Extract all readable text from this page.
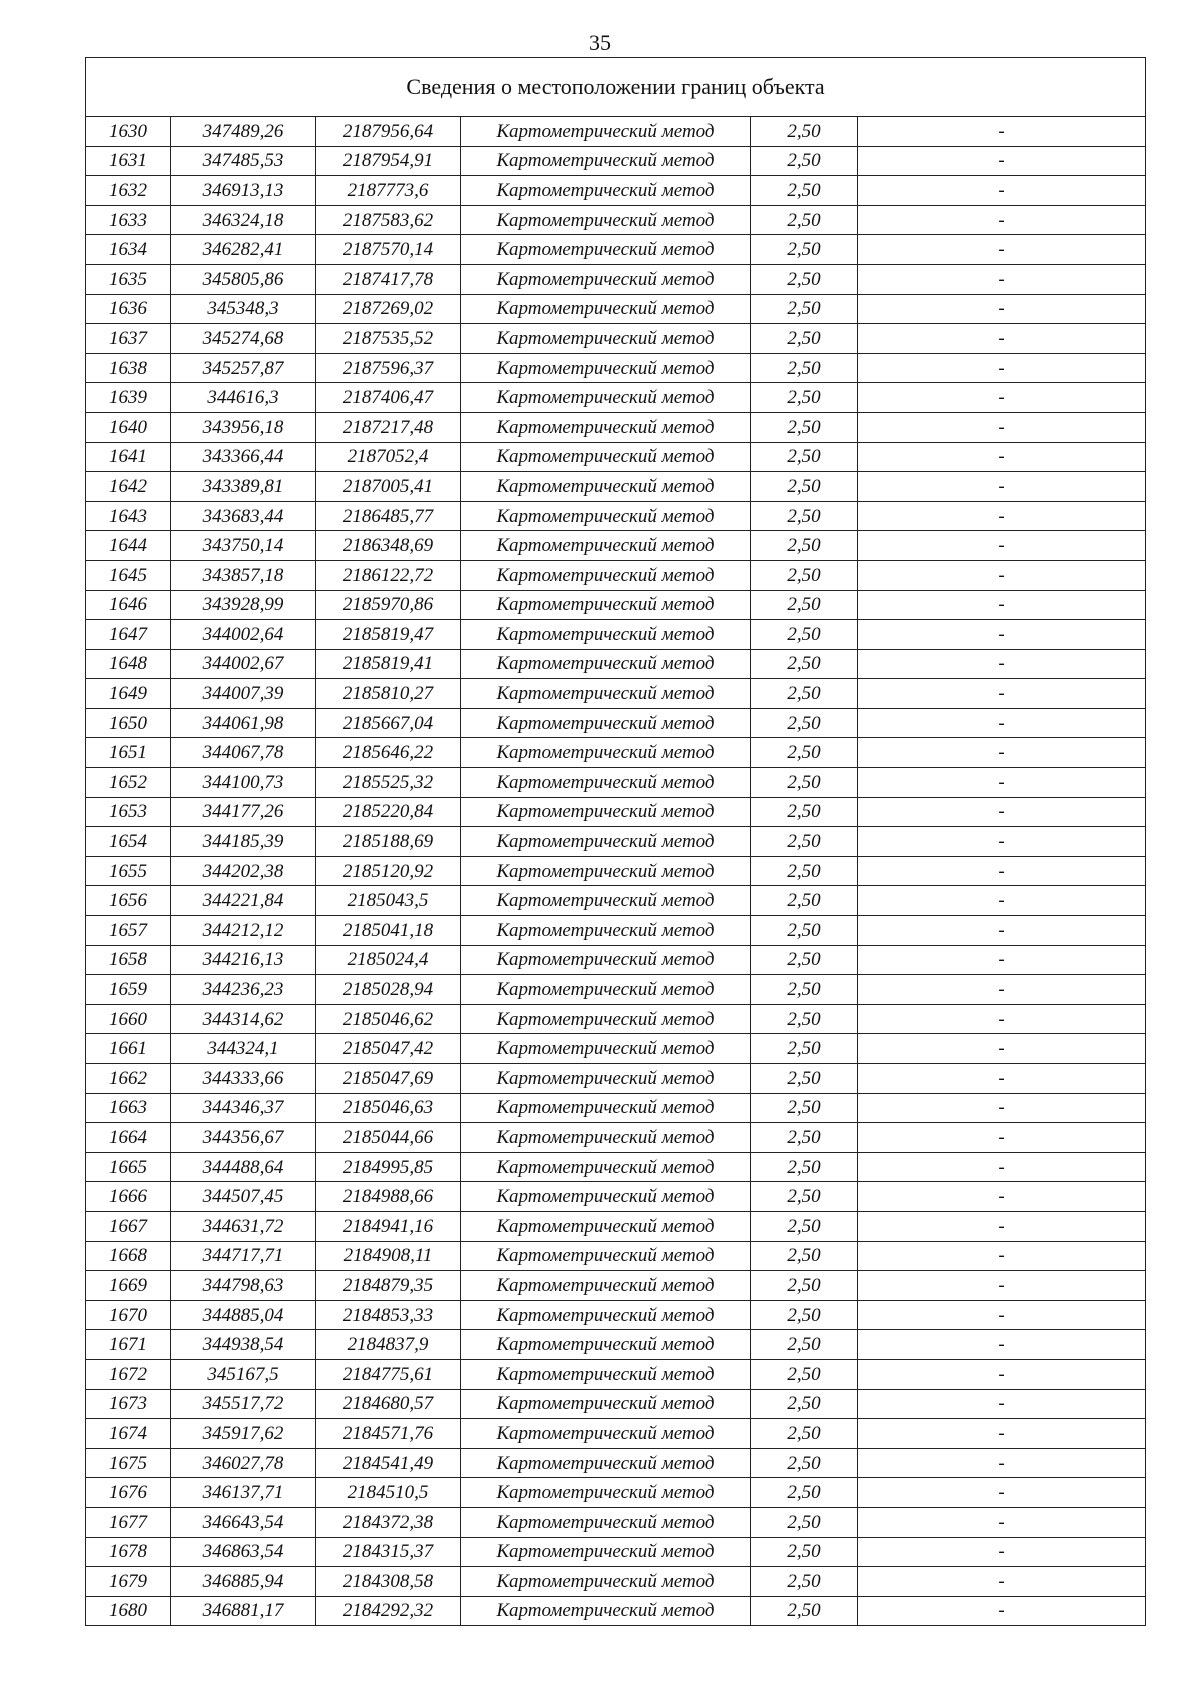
35
Сведения о местоположении границ объекта					
1630	347489,26	2187956,64	Картометрический метод	2,50	-
1631	347485,53	2187954,91	Картометрический метод	2,50	-
1632	346913,13	2187773,6	Картометрический метод	2,50	-
1633	346324,18	2187583,62	Картометрический метод	2,50	-
1634	346282,41	2187570,14	Картометрический метод	2,50	-
1635	345805,86	2187417,78	Картометрический метод	2,50	-
1636	345348,3	2187269,02	Картометрический метод	2,50	-
1637	345274,68	2187535,52	Картометрический метод	2,50	-
1638	345257,87	2187596,37	Картометрический метод	2,50	-
1639	344616,3	2187406,47	Картометрический метод	2,50	-
1640	343956,18	2187217,48	Картометрический метод	2,50	-
1641	343366,44	2187052,4	Картометрический метод	2,50	-
1642	343389,81	2187005,41	Картометрический метод	2,50	-
1643	343683,44	2186485,77	Картометрический метод	2,50	-
1644	343750,14	2186348,69	Картометрический метод	2,50	-
1645	343857,18	2186122,72	Картометрический метод	2,50	-
1646	343928,99	2185970,86	Картометрический метод	2,50	-
1647	344002,64	2185819,47	Картометрический метод	2,50	-
1648	344002,67	2185819,41	Картометрический метод	2,50	-
1649	344007,39	2185810,27	Картометрический метод	2,50	-
1650	344061,98	2185667,04	Картометрический метод	2,50	-
1651	344067,78	2185646,22	Картометрический метод	2,50	-
1652	344100,73	2185525,32	Картометрический метод	2,50	-
1653	344177,26	2185220,84	Картометрический метод	2,50	-
1654	344185,39	2185188,69	Картометрический метод	2,50	-
1655	344202,38	2185120,92	Картометрический метод	2,50	-
1656	344221,84	2185043,5	Картометрический метод	2,50	-
1657	344212,12	2185041,18	Картометрический метод	2,50	-
1658	344216,13	2185024,4	Картометрический метод	2,50	-
1659	344236,23	2185028,94	Картометрический метод	2,50	-
1660	344314,62	2185046,62	Картометрический метод	2,50	-
1661	344324,1	2185047,42	Картометрический метод	2,50	-
1662	344333,66	2185047,69	Картометрический метод	2,50	-
1663	344346,37	2185046,63	Картометрический метод	2,50	-
1664	344356,67	2185044,66	Картометрический метод	2,50	-
1665	344488,64	2184995,85	Картометрический метод	2,50	-
1666	344507,45	2184988,66	Картометрический метод	2,50	-
1667	344631,72	2184941,16	Картометрический метод	2,50	-
1668	344717,71	2184908,11	Картометрический метод	2,50	-
1669	344798,63	2184879,35	Картометрический метод	2,50	-
1670	344885,04	2184853,33	Картометрический метод	2,50	-
1671	344938,54	2184837,9	Картометрический метод	2,50	-
1672	345167,5	2184775,61	Картометрический метод	2,50	-
1673	345517,72	2184680,57	Картометрический метод	2,50	-
1674	345917,62	2184571,76	Картометрический метод	2,50	-
1675	346027,78	2184541,49	Картометрический метод	2,50	-
1676	346137,71	2184510,5	Картометрический метод	2,50	-
1677	346643,54	2184372,38	Картометрический метод	2,50	-
1678	346863,54	2184315,37	Картометрический метод	2,50	-
1679	346885,94	2184308,58	Картометрический метод	2,50	-
1680	346881,17	2184292,32	Картометрический метод	2,50	-
